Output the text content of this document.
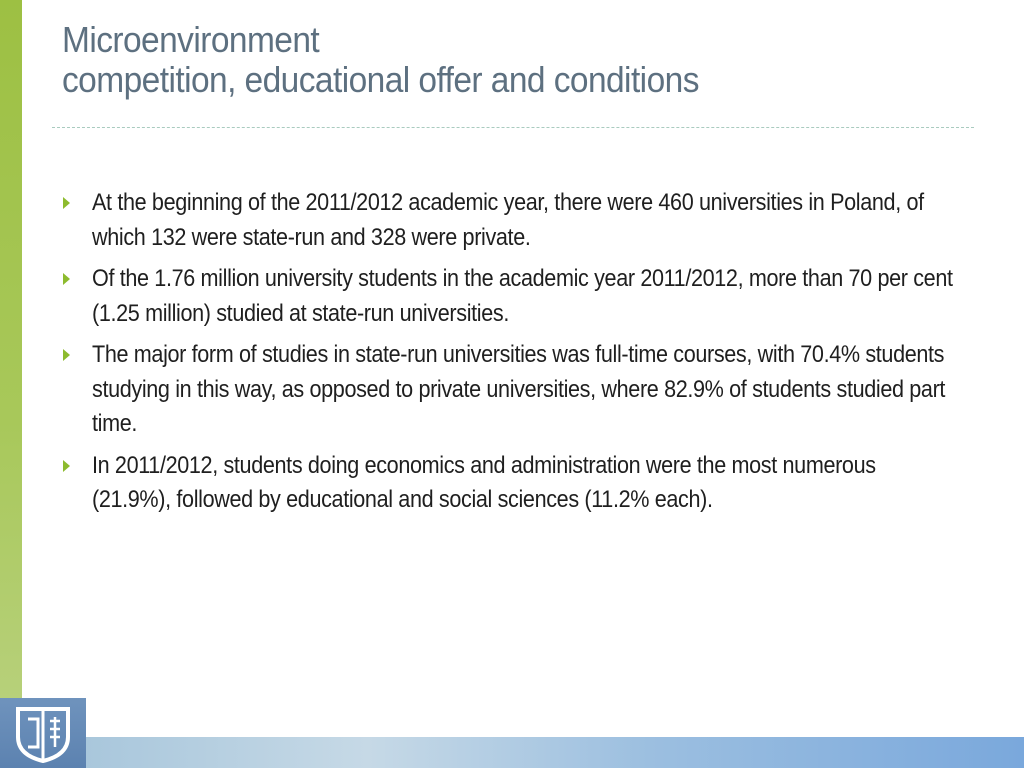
Microenvironment
competition, educational offer and conditions
At the beginning of the 2011/2012 academic year, there were 460 universities in Poland, of which 132 were state-run and 328 were private.
Of the 1.76 million university students in the academic year 2011/2012, more than 70 per cent (1.25 million) studied at state-run universities.
The major form of studies in state-run universities was full-time courses, with 70.4% students studying in this way, as opposed to private universities, where 82.9% of students studied part time.
In 2011/2012, students doing economics and administration were the most numerous (21.9%), followed by educational and social sciences (11.2% each).
